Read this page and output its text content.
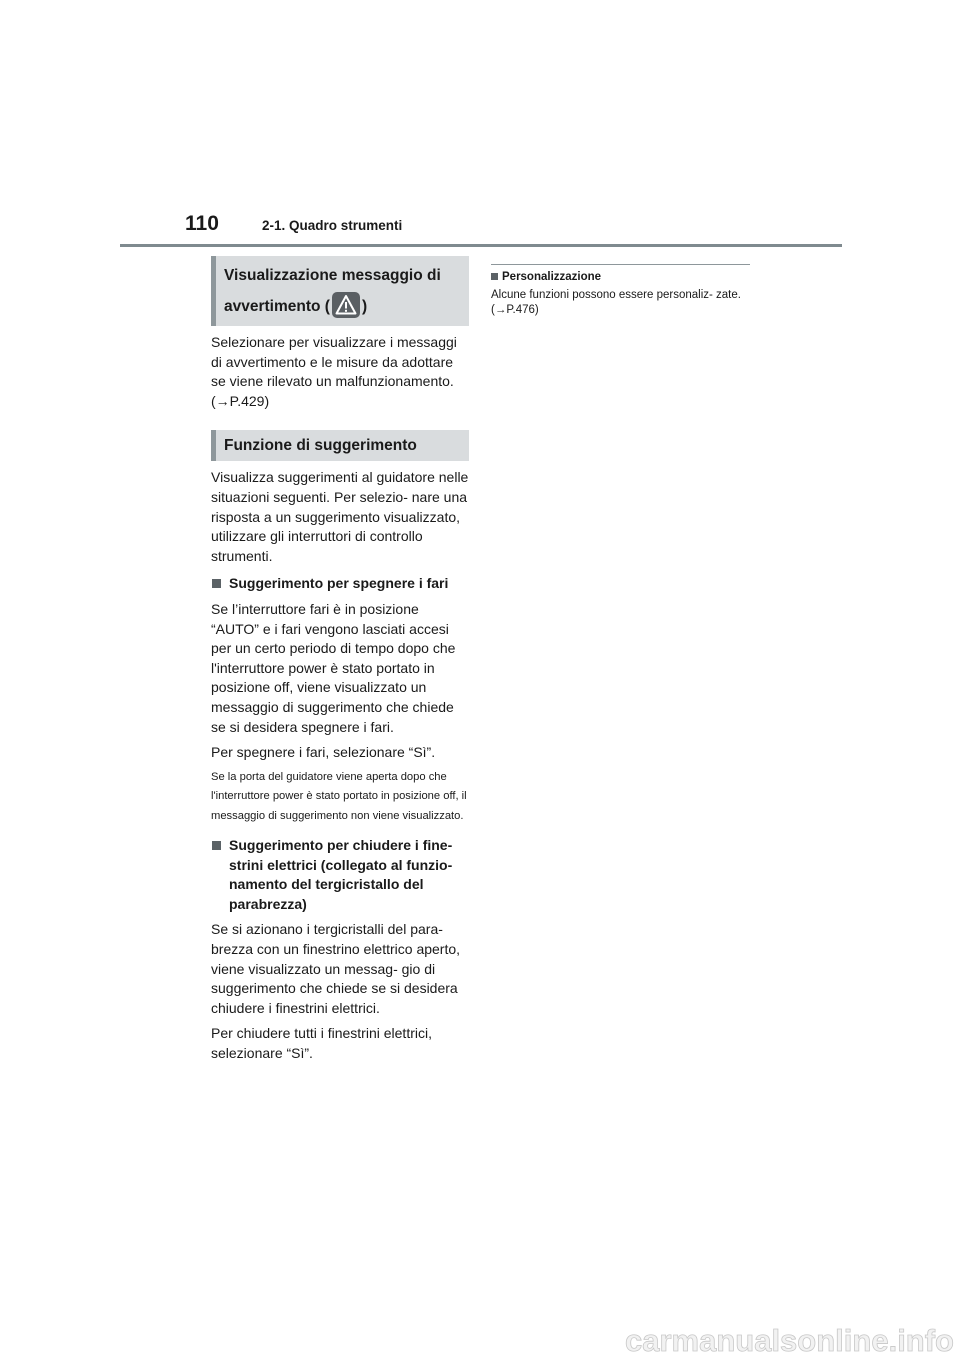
110	2-1. Quadro strumenti
Visualizzazione messaggio di avvertimento ( )

Selezionare per visualizzare i messaggi di avvertimento e le misure da adottare se viene rilevato un malfunzionamento. (→P.429)

Funzione di suggerimento

Visualizza suggerimenti al guidatore nelle situazioni seguenti. Per selezio- nare una risposta a un suggerimento visualizzato, utilizzare gli interruttori di controllo strumenti.

Suggerimento per spegnere i fari

Se l’interruttore fari è in posizione “AUTO” e i fari vengono lasciati accesi per un certo periodo di tempo dopo che l'interruttore power è stato portato in posizione off, viene visualizzato un messaggio di suggerimento che chiede se si desidera spegnere i fari.

Per spegnere i fari, selezionare “Sì”.

Se la porta del guidatore viene aperta dopo che l'interruttore power è stato portato in posizione off, il messaggio di suggerimento non viene visualizzato.

Suggerimento per chiudere i fine- strini elettrici (collegato al funzio- namento del tergicristallo del parabrezza)

Se si azionano i tergicristalli del para- brezza con un finestrino elettrico aperto, viene visualizzato un messag- gio di suggerimento che chiede se si desidera chiudere i finestrini elettrici.

Per chiudere tutti i finestrini elettrici, selezionare “Sì”.

Personalizzazione

Alcune funzioni possono essere personaliz- zate. (→P.476)

carmanualsonline.info
